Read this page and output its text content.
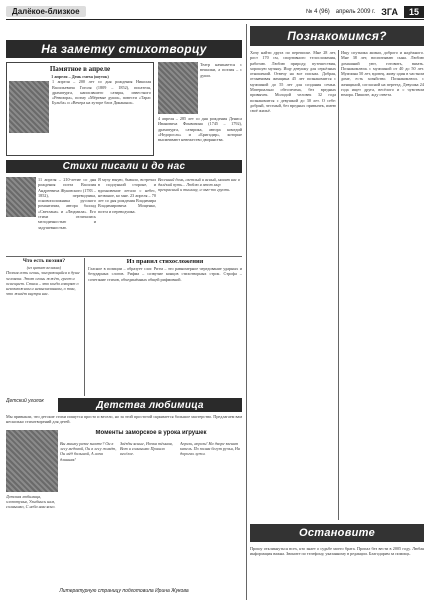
Далёкое-близкое	№ 4 (96) апрель 2009 г. ЗГА	15
На заметку стихотворцу
Памятное в апреле
1 апреля – День смеха (шуток)
1 апреля – 200 лет со дня рождения Николая Васильевича Гоголя (1809 – 1852), писателя, драматурга, написавшего сатиры, известного «Ревизора», поэму «Мёртвые души», повести «Тарас Бульба» и «Вечера на хуторе близ Диканьки».
4 апреля – 285 лет со дня рождения Дениса Ивановича Фонвизина (1745 – 1792), драматурга, сатирика, автора комедий «Недоросль» и «Бригадир», которые высмеивают невежество дворянства.
Театр начинается с вешалки, а поэзия – с души.
Стихи писали и до нас
11 апреля – 210-летие со дня рождения поэта Василия Андреевича Жуковского (1783 – 1852), переводчика, основоположника русского романтизма, автора баллад «Светлана» и «Людмила». Его стихи отличались мелодичностью и задушевностью.
Я музу юную, бывало, встречал в подлунной стороне, и вдохновение летало с небес, незваное, ко мне. 23 апреля – 70 лет со дня рождения Владимира Владимировича Мощенко, поэта и переводчика.
Весенний день, светлый и ясный, манит нас в далёкий путь... Люблю я этот мир прекрасный и тишину, и чью-то грусть.
Что есть поэзия?
(из цитат великих)
Поэзия есть огонь, загорающийся в душе человека. Этот огонь жжёт, греет и освещает. Стихи – это когда говорят о невозможном и невысказанном, о том, что живёт внутри нас.
Из правил стихосложения
Гласное в позиции – образует слог. Ритм – это равномерное чередование ударных и безударных слогов. Рифма – созвучие концов стихотворных строк. Строфа – сочетание стихов, объединённых общей рифмовкой.
Детский уголок	Детства любимица
Мы привыкли, что детские стихи пишутся просто и весело, но за этой простотой скрывается большое мастерство. Предлагаем вам несколько стихотворений для детей.
Моменты заморское в урока игрушек
Вы мишку разве знаете? Он в лесу медовой, Он в лесу живёт, Он мёд большой, А лапа длинная!
Звёзды ясные, Ночка тёмная, Вот и солнышко Пришло весёлое.
Апрель, апрель! На дворе звенит капель. По полям бегут ручьи, На дорогах лужи.
Детская любимица, хлопотунья, Улыбнись нам, солнышко, С неба нам ясно.
Литературную страницу подготовила Ирина Жукова
Познакомимся?
Хочу найти друга по переписке. Мне 28 лет, рост 170 см, спортивного телосложения, работаю. Люблю природу, путешествия, хорошую музыку. Ищу девушку для серьёзных отношений. Отвечу на все письма. Добрая, отзывчивая женщина 45 лет познакомится с мужчиной до 55 лет для создания семьи. Материально обеспечена, без вредных привычек. Молодой человек 32 года познакомится с девушкой до 30 лет. О себе: добрый, честный, без вредных привычек, имею своё жильё.
Ищу спутника жизни, доброго и надёжного. Мне 38 лет, воспитываю сына. Люблю домашний уют, готовить, вязать. Познакомлюсь с мужчиной от 40 до 50 лет. Мужчина 50 лет, вдовец, живу один в частном доме, есть хозяйство. Познакомлюсь с женщиной, согласной на переезд. Девушка 24 года ищет друга, весёлого и с чувством юмора. Пишите, жду ответа.
Остановите
Прошу откликнуться всех, кто знает о судьбе моего брата. Пропал без вести в 2005 году. Любая информация важна. Звоните по телефону, указанному в редакции. Благодарим за помощь.
